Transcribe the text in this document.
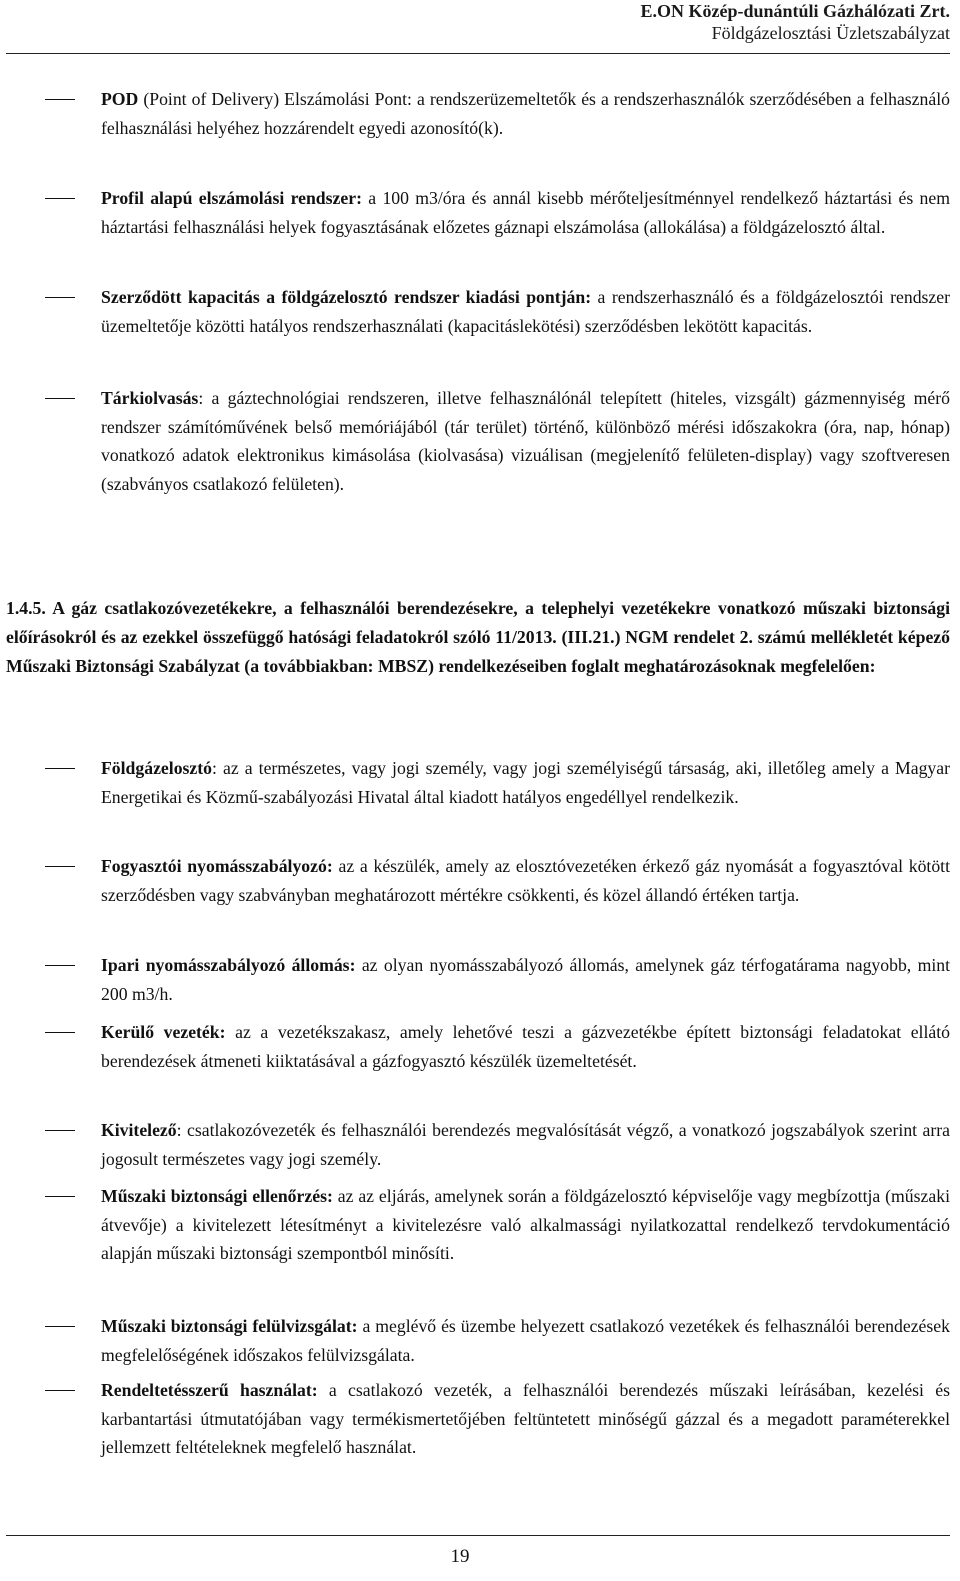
E.ON Közép-dunántúli Gázhálózati Zrt.
Földgázelosztási Üzletszabályzat
POD (Point of Delivery) Elszámolási Pont: a rendszerüzemeltetők és a rendszerhasználók szerződésében a felhasználó felhasználási helyéhez hozzárendelt egyedi azonosító(k).
Profil alapú elszámolási rendszer: a 100 m3/óra és annál kisebb mérőteljesítménnyel rendelkező háztartási és nem háztartási felhasználási helyek fogyasztásának előzetes gáznapi elszámolása (allokálása) a földgázelosztó által.
Szerződött kapacitás a földgázelosztó rendszer kiadási pontján: a rendszerhasználó és a földgázelosztói rendszer üzemeltetője közötti hatályos rendszerhasználati (kapacitáslekötési) szerződésben lekötött kapacitás.
Tárkiolvasás: a gáztechnológiai rendszeren, illetve felhasználónál telepített (hiteles, vizsgált) gázmennyiség mérő rendszer számítóművének belső memóriájából (tár terület) történő, különböző mérési időszakokra (óra, nap, hónap) vonatkozó adatok elektronikus kimásolása (kiolvasása) vizuálisan (megjelenítő felületen-display) vagy szoftveresen (szabványos csatlakozó felületen).
1.4.5. A gáz csatlakozóvezetékekre, a felhasználói berendezésekre, a telephelyi vezetékekre vonatkozó műszaki biztonsági előírásokról és az ezekkel összefüggő hatósági feladatokról szóló 11/2013. (III.21.) NGM rendelet 2. számú mellékletét képező Műszaki Biztonsági Szabályzat (a továbbiakban: MBSZ) rendelkezéseiben foglalt meghatározásoknak megfelelően:
Földgázelosztó: az a természetes, vagy jogi személy, vagy jogi személyiségű társaság, aki, illetőleg amely a Magyar Energetikai és Közmű-szabályozási Hivatal által kiadott hatályos engedéllyel rendelkezik.
Fogyasztói nyomásszabályozó: az a készülék, amely az elosztóvezetéken érkező gáz nyomását a fogyasztóval kötött szerződésben vagy szabványban meghatározott mértékre csökkenti, és közel állandó értéken tartja.
Ipari nyomásszabályozó állomás: az olyan nyomásszabályozó állomás, amelynek gáz térfogatárama nagyobb, mint 200 m3/h.
Kerülő vezeték: az a vezetékszakasz, amely lehetővé teszi a gázvezetékbe épített biztonsági feladatokat ellátó berendezések átmeneti kiiktatásával a gázfogyasztó készülék üzemeltetését.
Kivitelező: csatlakozóvezeték és felhasználói berendezés megvalósítását végző, a vonatkozó jogszabályok szerint arra jogosult természetes vagy jogi személy.
Műszaki biztonsági ellenőrzés: az az eljárás, amelynek során a földgázelosztó képviselője vagy megbízottja (műszaki átvevője) a kivitelezett létesítményt a kivitelezésre való alkalmassági nyilatkozattal rendelkező tervdokumentáció alapján műszaki biztonsági szempontból minősíti.
Műszaki biztonsági felülvizsgálat: a meglévő és üzembe helyezett csatlakozó vezetékek és felhasználói berendezések megfelelőségének időszakos felülvizsgálata.
Rendeltetésszerű használat: a csatlakozó vezeték, a felhasználói berendezés műszaki leírásában, kezelési és karbantartási útmutatójában vagy termékismertetőjében feltüntetett minőségű gázzal és a megadott paraméterekkel jellemzett feltételeknek megfelelő használat.
19
